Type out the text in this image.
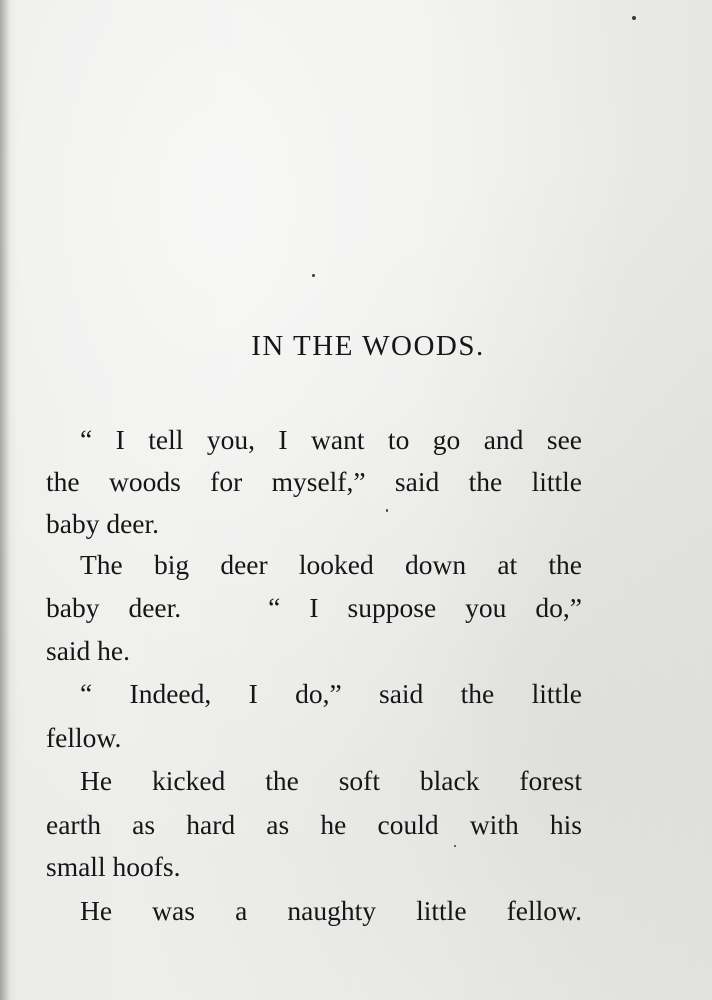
IN THE WOODS.

“ I tell you, I want to go and see

the woods for myself,” said the little

baby deer.

The big deer looked down at the

baby deer.   “ I suppose you do,”

said he.

“ Indeed, I do,” said the little

fellow.

He kicked the soft black forest

earth as hard as he could with his

small hoofs.

He was a naughty little fellow.
